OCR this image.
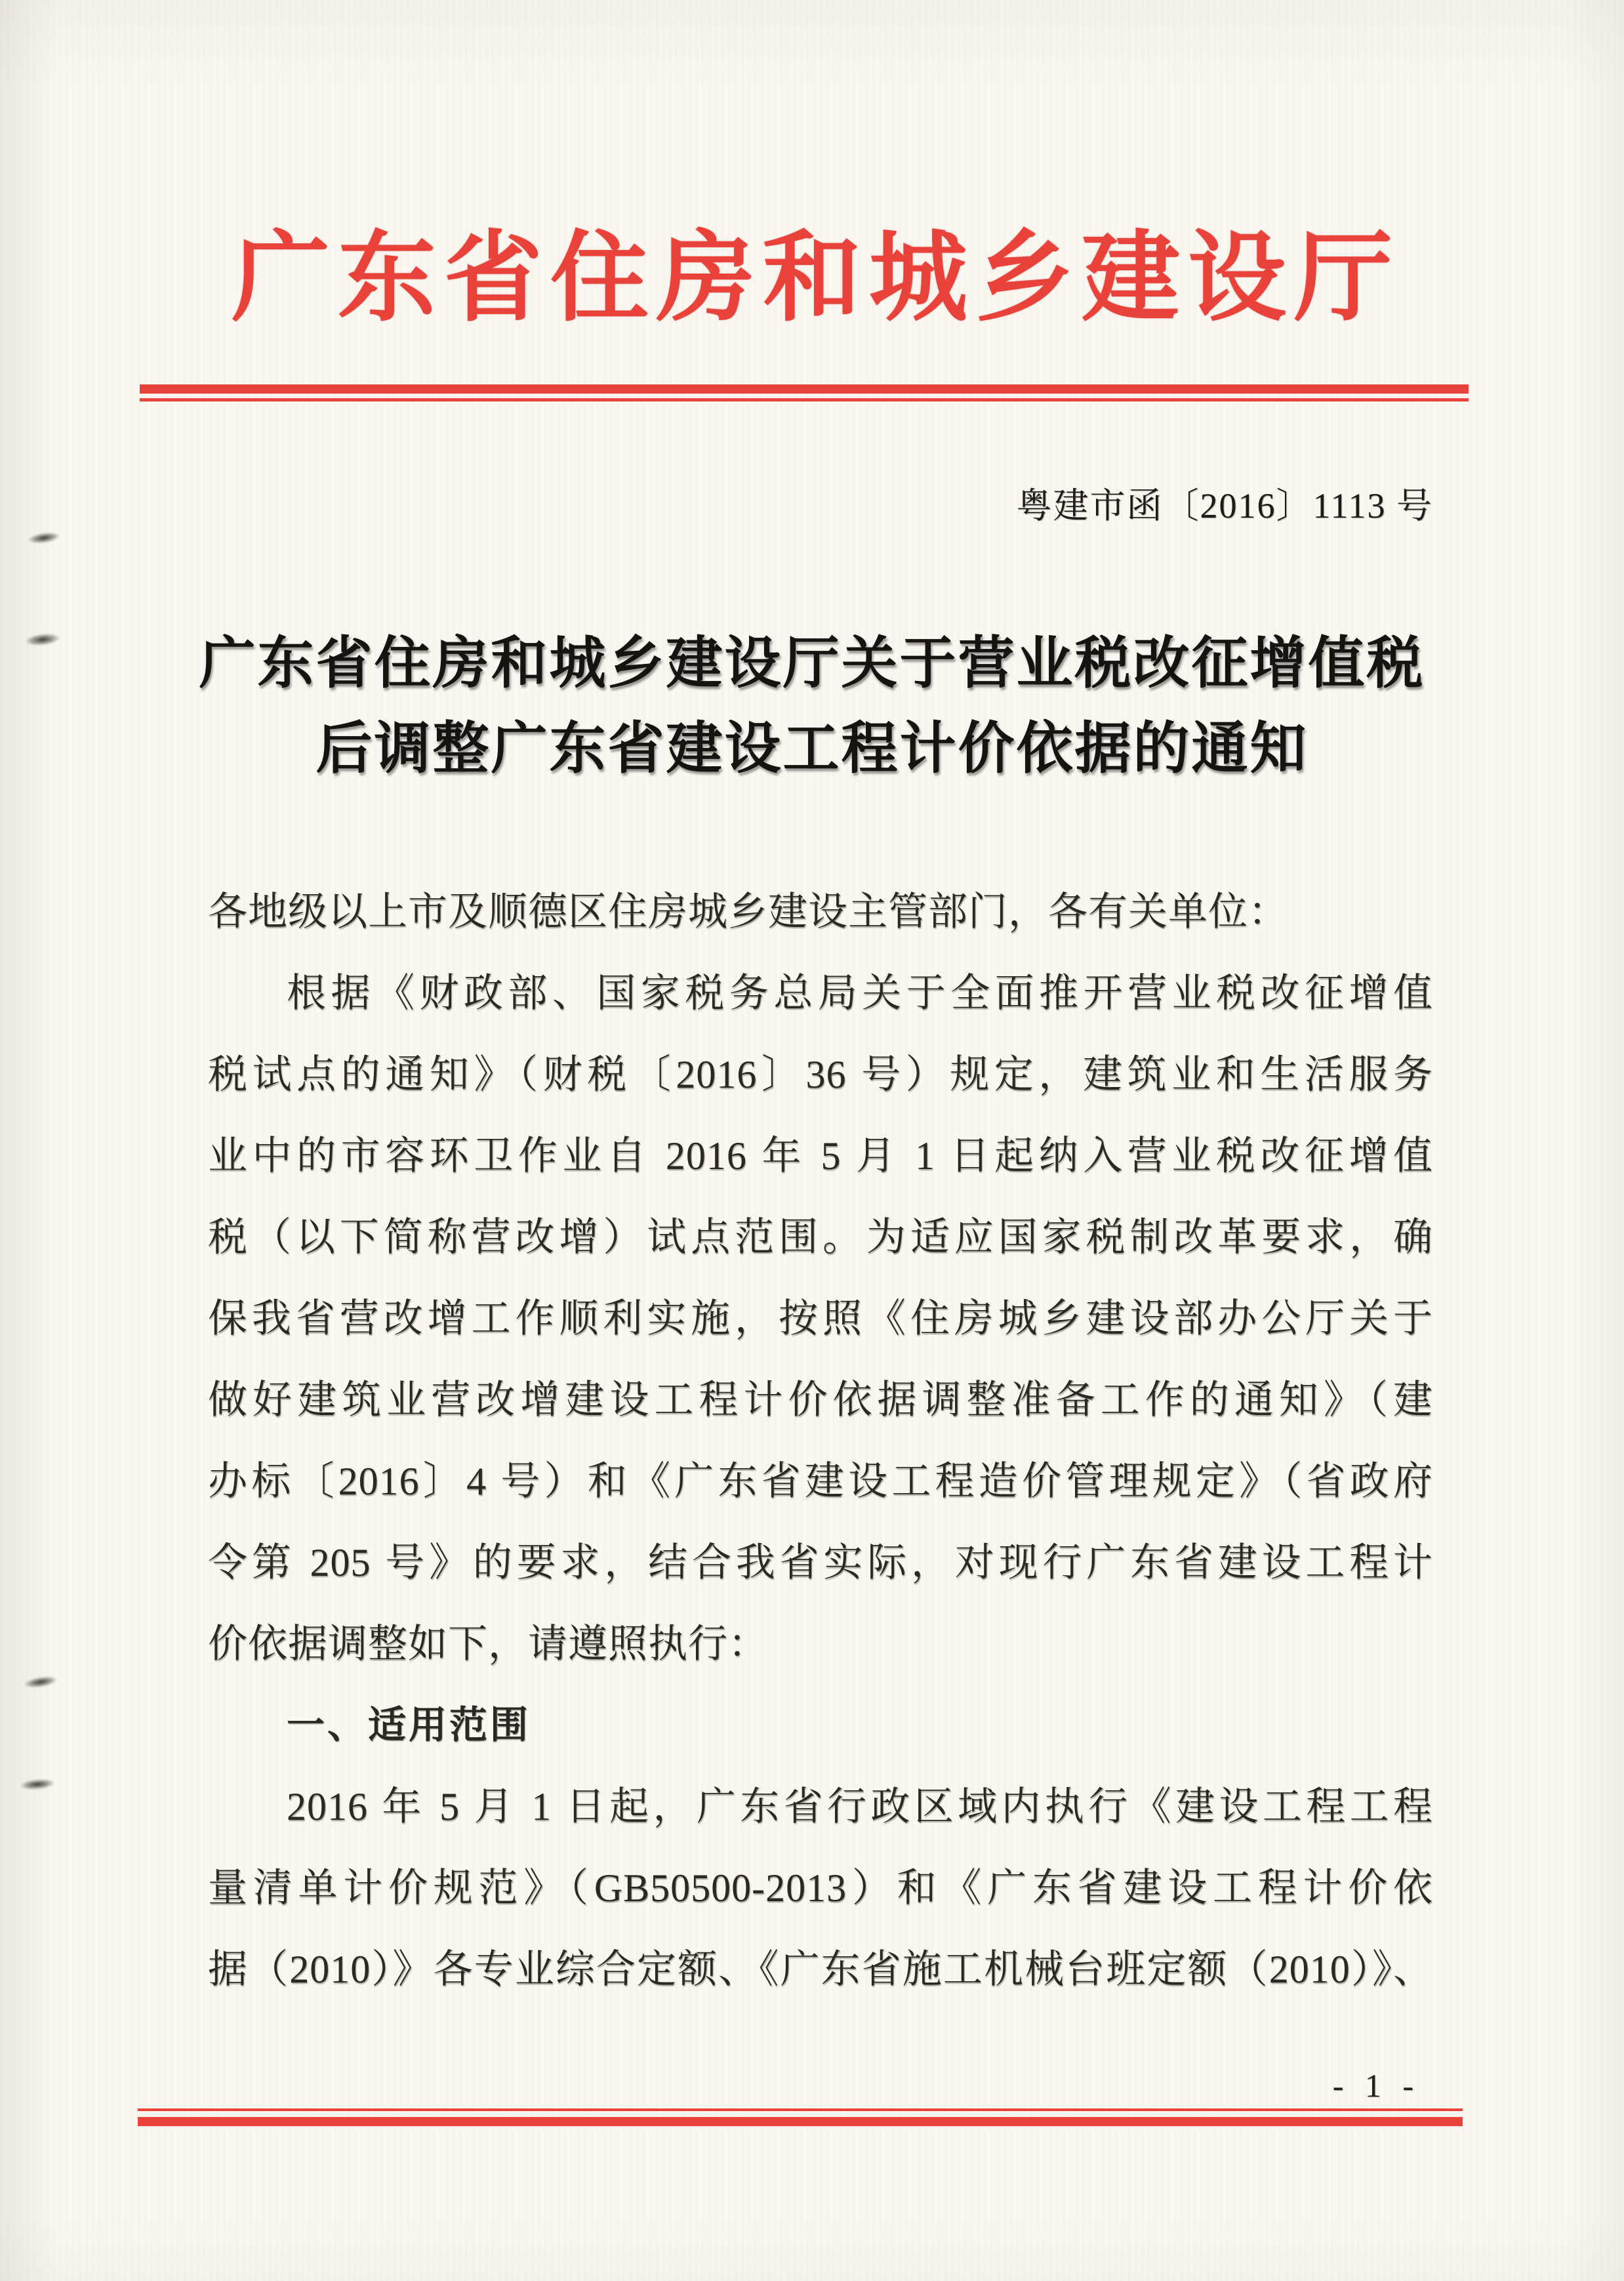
广东省住房和城乡建设厅
粤建市函〔2016〕1113 号
广东省住房和城乡建设厅关于营业税改征增值税
后调整广东省建设工程计价依据的通知
各地级以上市及顺德区住房城乡建设主管部门，各有关单位：
根据《财政部、国家税务总局关于全面推开营业税改征增值
税试点的通知》（财税〔2016〕36 号）规定，建筑业和生活服务
业中的市容环卫作业自 2016 年 5 月 1 日起纳入营业税改征增值
税（以下简称营改增）试点范围。为适应国家税制改革要求，确
保我省营改增工作顺利实施，按照《住房城乡建设部办公厅关于
做好建筑业营改增建设工程计价依据调整准备工作的通知》（建
办标〔2016〕4 号）和《广东省建设工程造价管理规定》（省政府
令第 205 号》的要求，结合我省实际，对现行广东省建设工程计
价依据调整如下，请遵照执行：
一、适用范围
2016 年 5 月 1 日起，广东省行政区域内执行《建设工程工程
量清单计价规范》（GB50500-2013）和《广东省建设工程计价依
据（2010）》各专业综合定额、《广东省施工机械台班定额（2010）》、
- 1 -
